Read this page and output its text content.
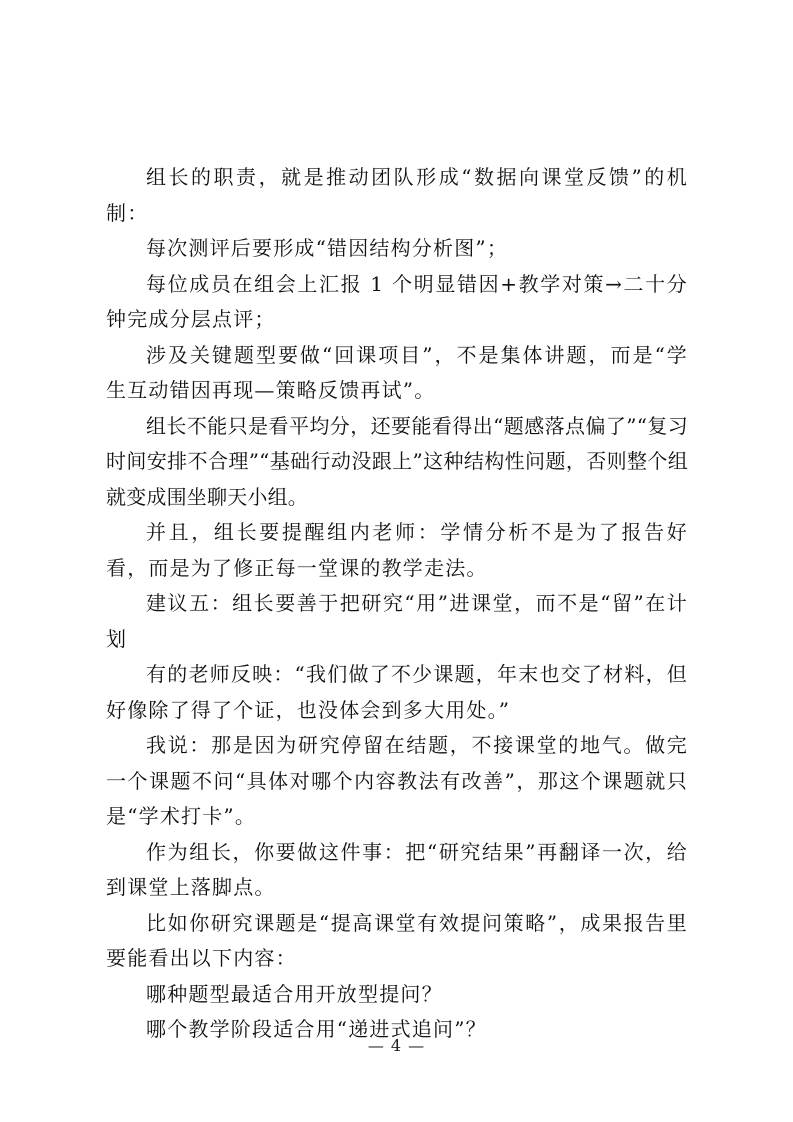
组长的职责，就是推动团队形成“数据向课堂反馈”的机制：

每次测评后要形成“错因结构分析图”；

每位成员在组会上汇报 1 个明显错因+教学对策→二十分钟完成分层点评；

涉及关键题型要做“回课项目”，不是集体讲题，而是“学生互动错因再现—策略反馈再试”。

组长不能只是看平均分，还要能看得出“题感落点偏了”“复习时间安排不合理”“基础行动没跟上”这种结构性问题，否则整个组就变成围坐聊天小组。

并且，组长要提醒组内老师：学情分析不是为了报告好看，而是为了修正每一堂课的教学走法。

建议五：组长要善于把研究“用”进课堂，而不是“留”在计划

有的老师反映：“我们做了不少课题，年末也交了材料，但好像除了得了个证，也没体会到多大用处。”

我说：那是因为研究停留在结题，不接课堂的地气。做完一个课题不问“具体对哪个内容教法有改善”，那这个课题就只是“学术打卡”。

作为组长，你要做这件事：把“研究结果”再翻译一次，给到课堂上落脚点。

比如你研究课题是“提高课堂有效提问策略”，成果报告里要能看出以下内容：

哪种题型最适合用开放型提问？

哪个教学阶段适合用“递进式追问”？

— 4 —
